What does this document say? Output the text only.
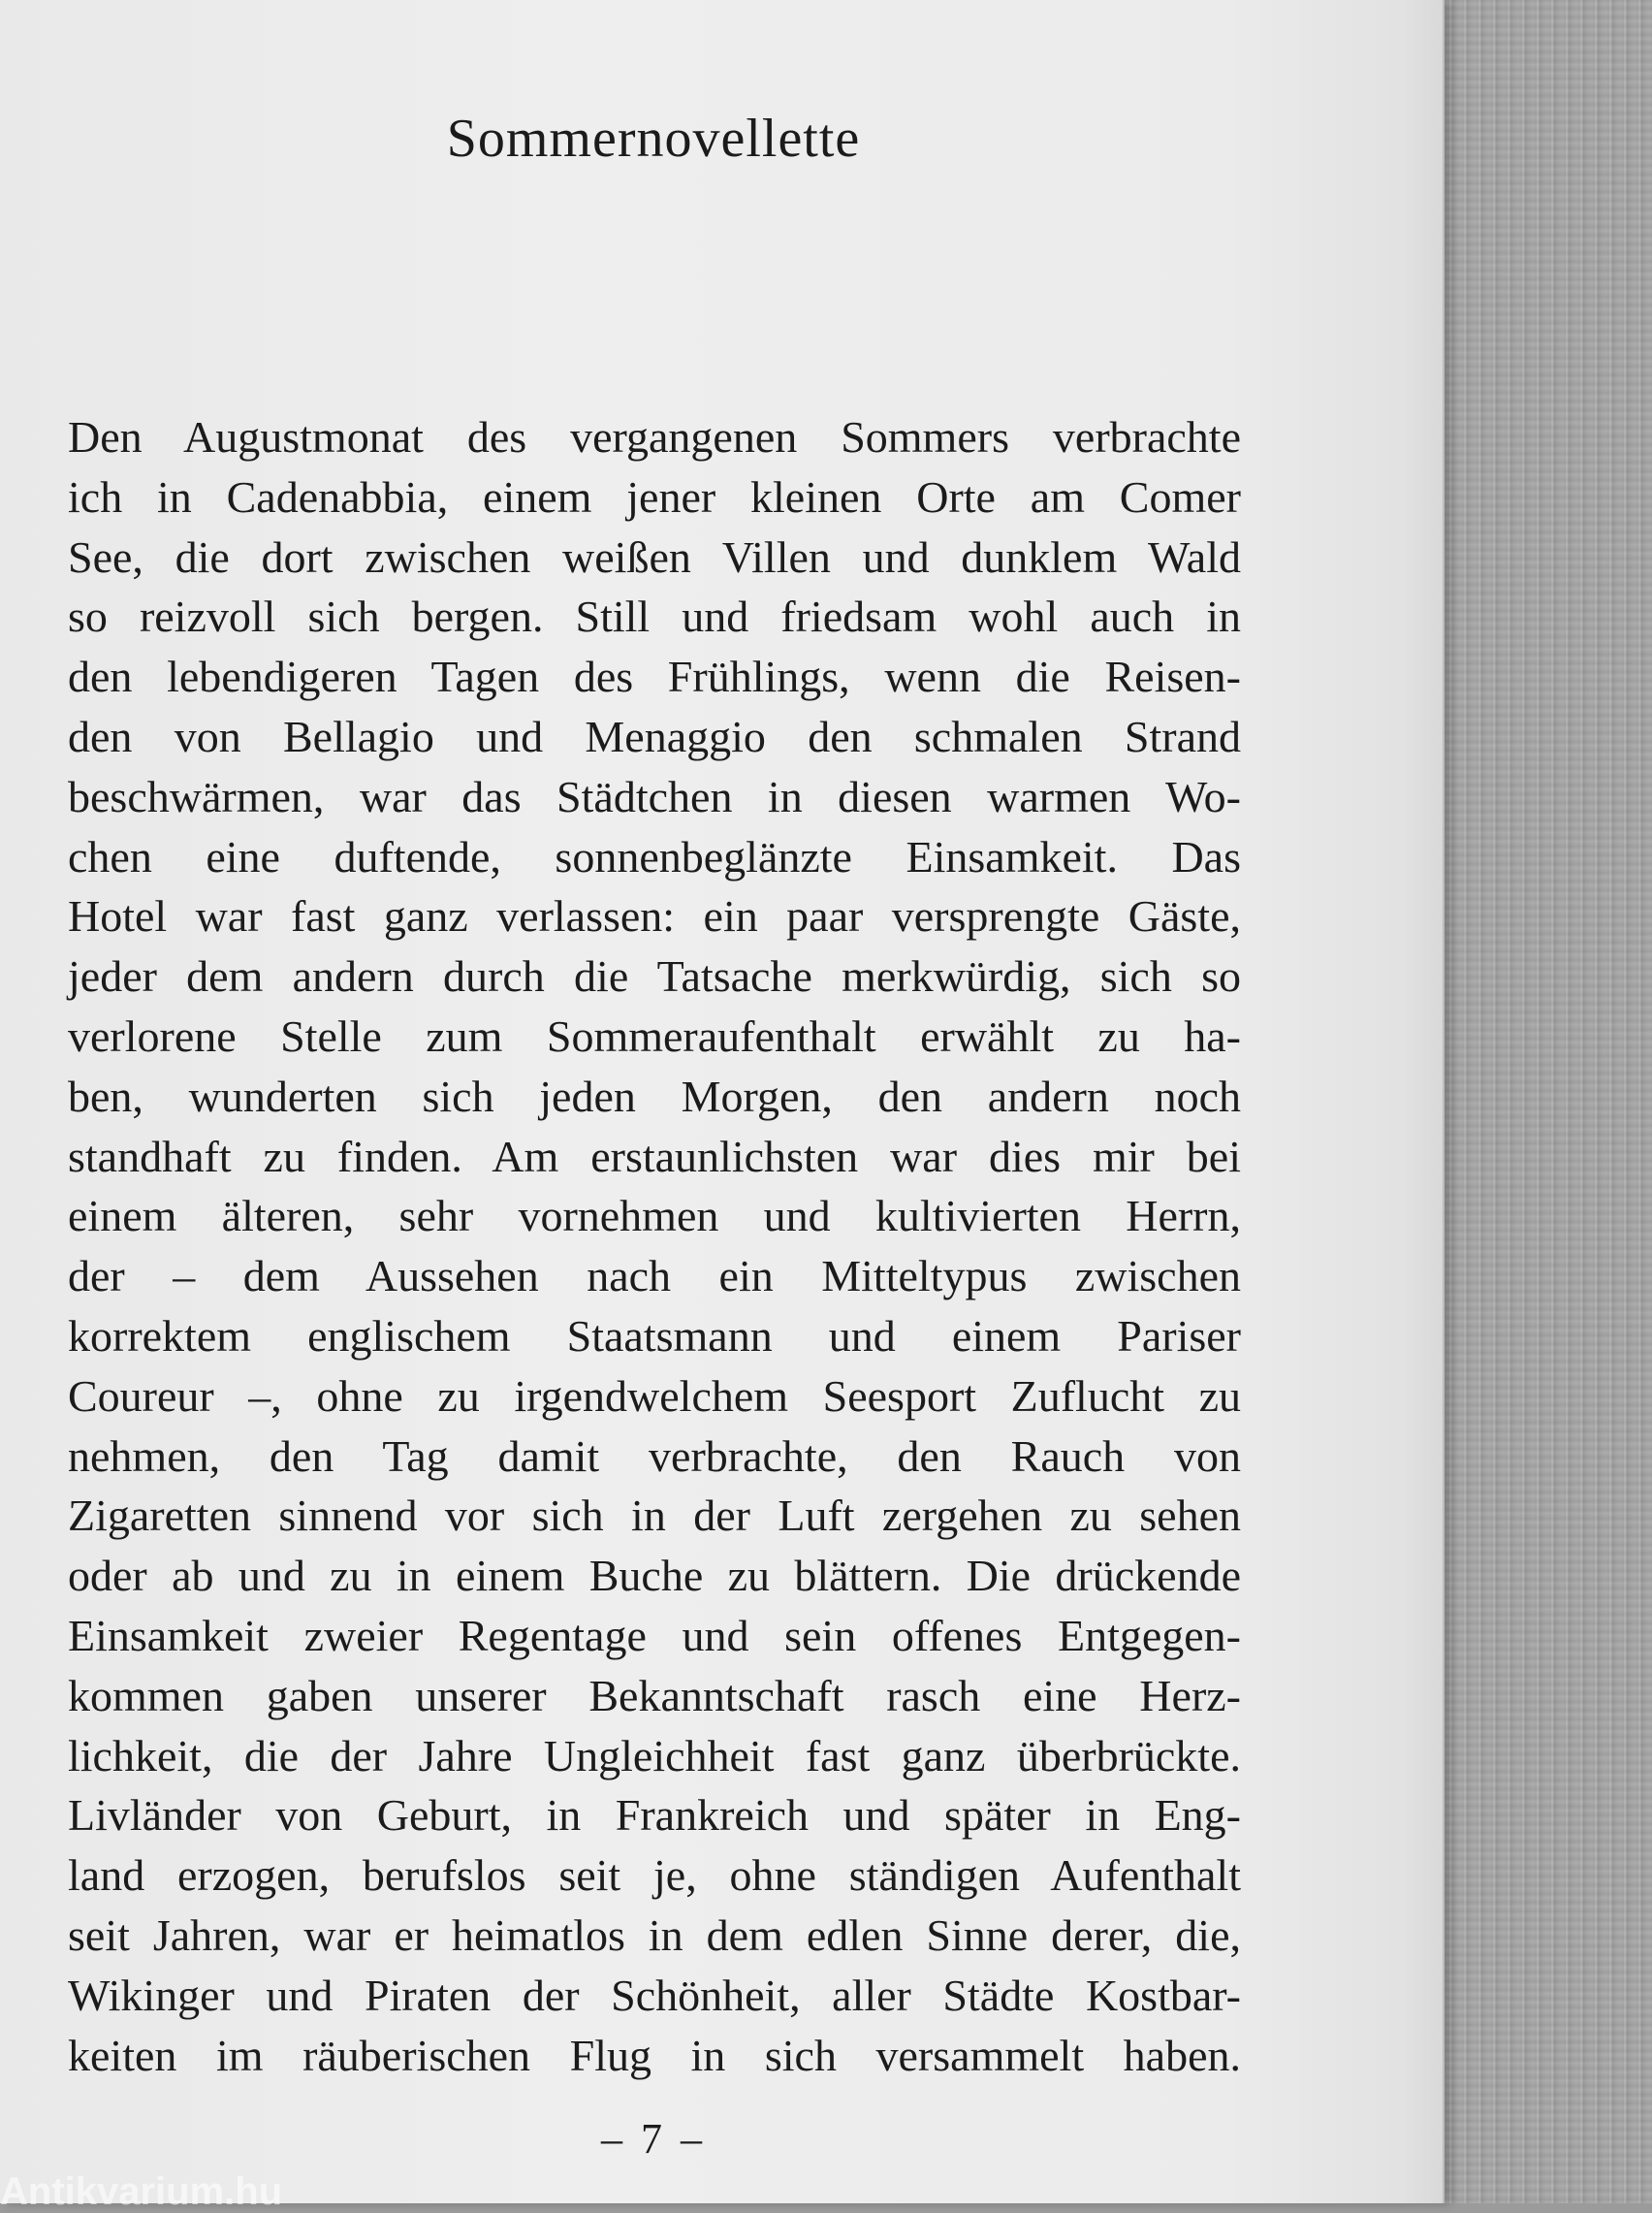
Sommernovellette
Den Augustmonat des vergangenen Sommers verbrachte
ich in Cadenabbia, einem jener kleinen Orte am Comer
See, die dort zwischen weißen Villen und dunklem Wald
so reizvoll sich bergen. Still und friedsam wohl auch in
den lebendigeren Tagen des Frühlings, wenn die Reisen-
den von Bellagio und Menaggio den schmalen Strand
beschwärmen, war das Städtchen in diesen warmen Wo-
chen eine duftende, sonnenbeglänzte Einsamkeit. Das
Hotel war fast ganz verlassen: ein paar versprengte Gäste,
jeder dem andern durch die Tatsache merkwürdig, sich so
verlorene Stelle zum Sommeraufenthalt erwählt zu ha-
ben, wunderten sich jeden Morgen, den andern noch
standhaft zu finden. Am erstaunlichsten war dies mir bei
einem älteren, sehr vornehmen und kultivierten Herrn,
der – dem Aussehen nach ein Mitteltypus zwischen
korrektem englischem Staatsmann und einem Pariser
Coureur –, ohne zu irgendwelchem Seesport Zuflucht zu
nehmen, den Tag damit verbrachte, den Rauch von
Zigaretten sinnend vor sich in der Luft zergehen zu sehen
oder ab und zu in einem Buche zu blättern. Die drückende
Einsamkeit zweier Regentage und sein offenes Entgegen-
kommen gaben unserer Bekanntschaft rasch eine Herz-
lichkeit, die der Jahre Ungleichheit fast ganz überbrückte.
Livländer von Geburt, in Frankreich und später in Eng-
land erzogen, berufslos seit je, ohne ständigen Aufenthalt
seit Jahren, war er heimatlos in dem edlen Sinne derer, die,
Wikinger und Piraten der Schönheit, aller Städte Kostbar-
keiten im räuberischen Flug in sich versammelt haben.
– 7 –
Antikvarium.hu
